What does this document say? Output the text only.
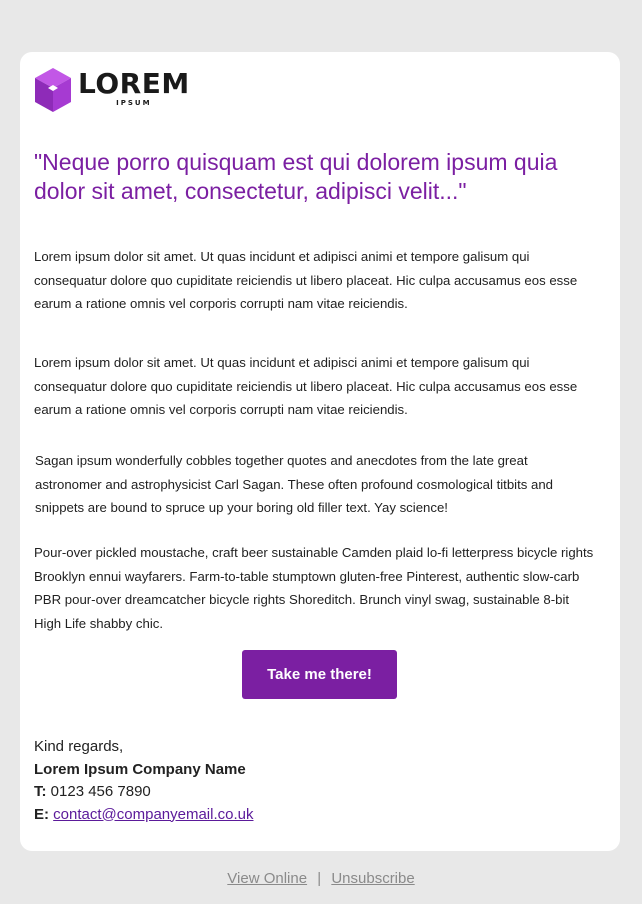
LOREM
IPSUM
"Neque porro quisquam est qui dolorem ipsum quia dolor sit amet, consectetur, adipisci velit..."

Lorem ipsum dolor sit amet. Ut quas incidunt et adipisci animi et tempore galisum qui consequatur dolore quo cupiditate reiciendis ut libero placeat. Hic culpa accusamus eos esse earum a ratione omnis vel corporis corrupti nam vitae reiciendis.

Lorem ipsum dolor sit amet. Ut quas incidunt et adipisci animi et tempore galisum qui consequatur dolore quo cupiditate reiciendis ut libero placeat. Hic culpa accusamus eos esse earum a ratione omnis vel corporis corrupti nam vitae reiciendis.

Sagan ipsum wonderfully cobbles together quotes and anecdotes from the late great astronomer and astrophysicist Carl Sagan. These often profound cosmological titbits and snippets are bound to spruce up your boring old filler text. Yay science!

Pour-over pickled moustache, craft beer sustainable Camden plaid lo-fi letterpress bicycle rights Brooklyn ennui wayfarers. Farm-to-table stumptown gluten-free Pinterest, authentic slow-carb PBR pour-over dreamcatcher bicycle rights Shoreditch. Brunch vinyl swag, sustainable 8-bit High Life shabby chic.

Take me there!
Kind regards,
Lorem Ipsum Company Name
T: 0123 456 7890
E: contact@companyemail.co.uk
View Online | Unsubscribe
